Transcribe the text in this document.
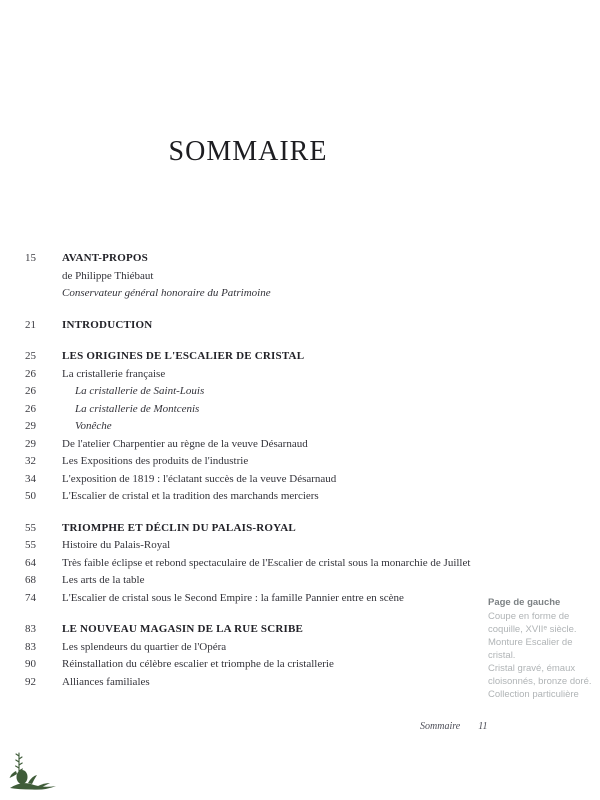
SOMMAIRE
15	AVANT-PROPOS
de Philippe Thiébaut
Conservateur général honoraire du Patrimoine
21	INTRODUCTION
25	LES ORIGINES DE L'ESCALIER DE CRISTAL
26	La cristallerie française
26	La cristallerie de Saint-Louis
26	La cristallerie de Montcenis
29	Vonêche
29	De l'atelier Charpentier au règne de la veuve Désarnaud
32	Les Expositions des produits de l'industrie
34	L'exposition de 1819 : l'éclatant succès de la veuve Désarnaud
50	L'Escalier de cristal et la tradition des marchands merciers
55	TRIOMPHE ET DÉCLIN DU PALAIS-ROYAL
55	Histoire du Palais-Royal
64	Très faible éclipse et rebond spectaculaire de l'Escalier de cristal sous la monarchie de Juillet
68	Les arts de la table
74	L'Escalier de cristal sous le Second Empire : la famille Pannier entre en scène
83	LE NOUVEAU MAGASIN DE LA RUE SCRIBE
83	Les splendeurs du quartier de l'Opéra
90	Réinstallation du célèbre escalier et triomphe de la cristallerie
92	Alliances familiales
Page de gauche

Coupe en forme de coquille, XVIIᵉ siècle.

Monture Escalier de cristal.

Cristal gravé, émaux cloisonnés, bronze doré.

Collection particulière

Sommaire 11
